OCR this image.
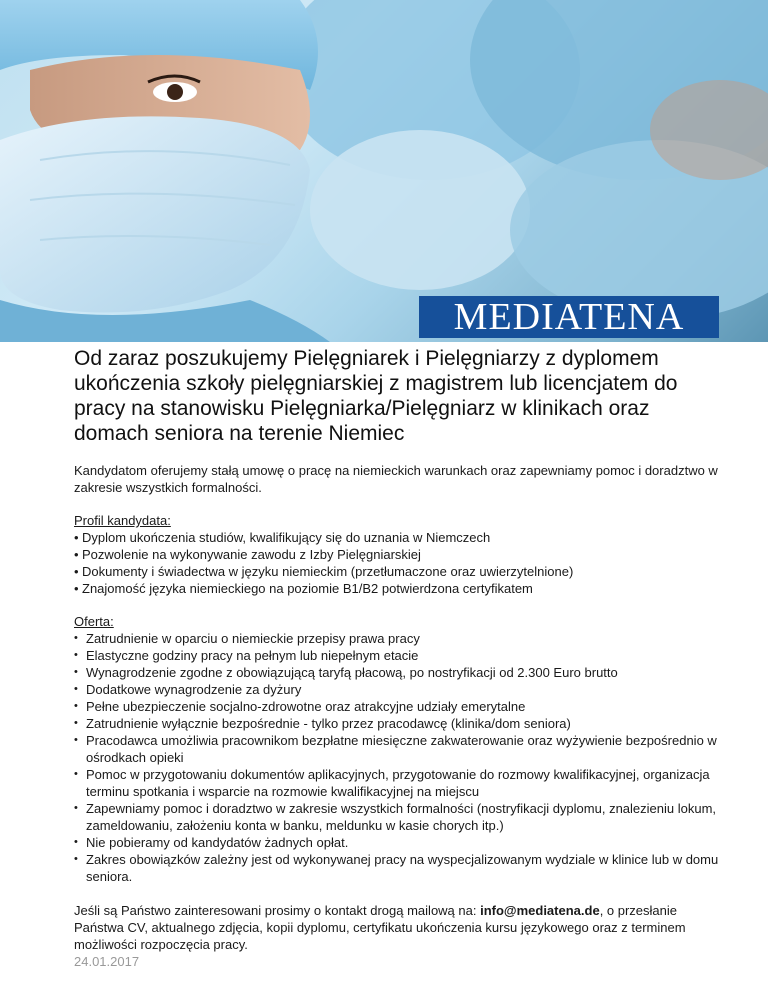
MEDIATENA
Od zaraz poszukujemy Pielęgniarek i Pielęgniarzy z dyplomem ukończenia szkoły pielęgniarskiej z magistrem lub licencjatem do pracy na stanowisku Pielęgniarka/Pielęgniarz w klinikach oraz domach seniora na terenie Niemiec
Kandydatom oferujemy stałą umowę o pracę na niemieckich warunkach oraz zapewniamy pomoc i doradztwo w zakresie wszystkich formalności.
Profil kandydata:
• Dyplom ukończenia studiów, kwalifikujący się do uznania w Niemczech
• Pozwolenie na wykonywanie zawodu z Izby Pielęgniarskiej
• Dokumenty i świadectwa w języku niemieckim (przetłumaczone oraz uwierzytelnione)
• Znajomość języka niemieckiego na poziomie B1/B2 potwierdzona certyfikatem
Oferta:
• Zatrudnienie w oparciu o niemieckie przepisy prawa pracy
• Elastyczne godziny pracy na pełnym lub niepełnym etacie
• Wynagrodzenie zgodne z obowiązującą taryfą płacową, po nostryfikacji od 2.300 Euro brutto
• Dodatkowe wynagrodzenie za dyżury
• Pełne ubezpieczenie socjalno-zdrowotne oraz atrakcyjne udziały emerytalne
• Zatrudnienie wyłącznie bezpośrednie - tylko przez pracodawcę (klinika/dom seniora)
• Pracodawca umożliwia pracownikom bezpłatne miesięczne zakwaterowanie oraz wyżywienie bezpośrednio w ośrodkach opieki
• Pomoc w przygotowaniu dokumentów aplikacyjnych, przygotowanie do rozmowy kwalifikacyjnej, organizacja terminu spotkania i wsparcie na rozmowie kwalifikacyjnej na miejscu
• Zapewniamy pomoc i doradztwo w zakresie wszystkich formalności (nostryfikacji dyplomu, znalezieniu lokum, zameldowaniu, założeniu konta w banku, meldunku w kasie chorych itp.)
• Nie pobieramy od kandydatów żadnych opłat.
• Zakres obowiązków zależny jest od wykonywanej pracy na wyspecjalizowanym wydziale w klinice lub w domu seniora.
Jeśli są Państwo zainteresowani prosimy o kontakt drogą mailową na: info@mediatena.de, o przesłanie Państwa CV, aktualnego zdjęcia, kopii dyplomu, certyfikatu ukończenia kursu językowego oraz z terminem możliwości rozpoczęcia pracy.
24.01.2017
